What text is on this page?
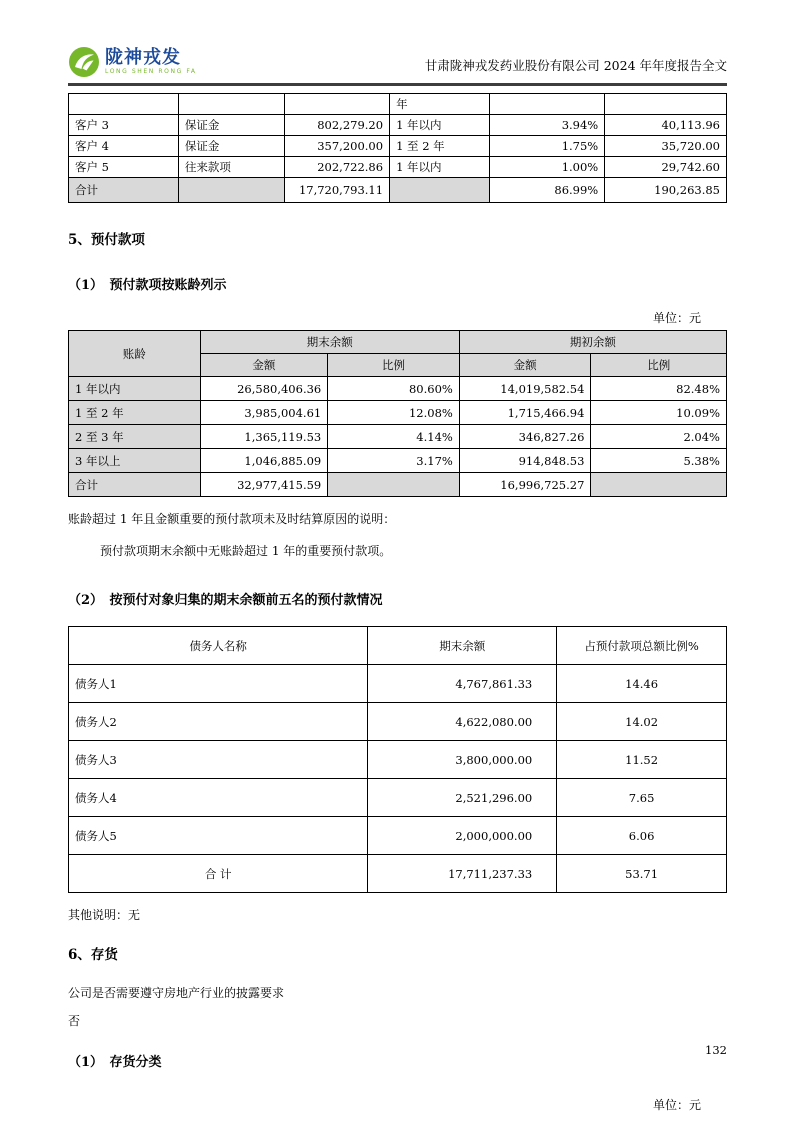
陇神戎发
LONG SHEN RONG FA	甘肃陇神戎发药业股份有限公司 2024 年年度报告全文
			年		
客户 3	保证金	802,279.20	1 年以内	3.94%	40,113.96
客户 4	保证金	357,200.00	1 至 2 年	1.75%	35,720.00
客户 5	往来款项	202,722.86	1 年以内	1.00%	29,742.60
合计		17,720,793.11		86.99%	190,263.85
5、预付款项
（1）　预付款项按账龄列示
单位：元
账龄	期末余额		期初余额	
	金额	比例	金额	比例
1 年以内	26,580,406.36	80.60%	14,019,582.54	82.48%
1 至 2 年	3,985,004.61	12.08%	1,715,466.94	10.09%
2 至 3 年	1,365,119.53	4.14%	346,827.26	2.04%
3 年以上	1,046,885.09	3.17%	914,848.53	5.38%
合计	32,977,415.59		16,996,725.27	
账龄超过 1 年且金额重要的预付款项未及时结算原因的说明：
预付款项期末余额中无账龄超过 1 年的重要预付款项。
（2）　按预付对象归集的期末余额前五名的预付款情况
债务人名称	期末余额	占预付款项总额比例%
债务人1	4,767,861.33	14.46
债务人2	4,622,080.00	14.02
债务人3	3,800,000.00	11.52
债务人4	2,521,296.00	7.65
债务人5	2,000,000.00	6.06
合 计	17,711,237.33	53.71
其他说明：无
6、存货
公司是否需要遵守房地产行业的披露要求
否
（1）　存货分类
单位：元
132
